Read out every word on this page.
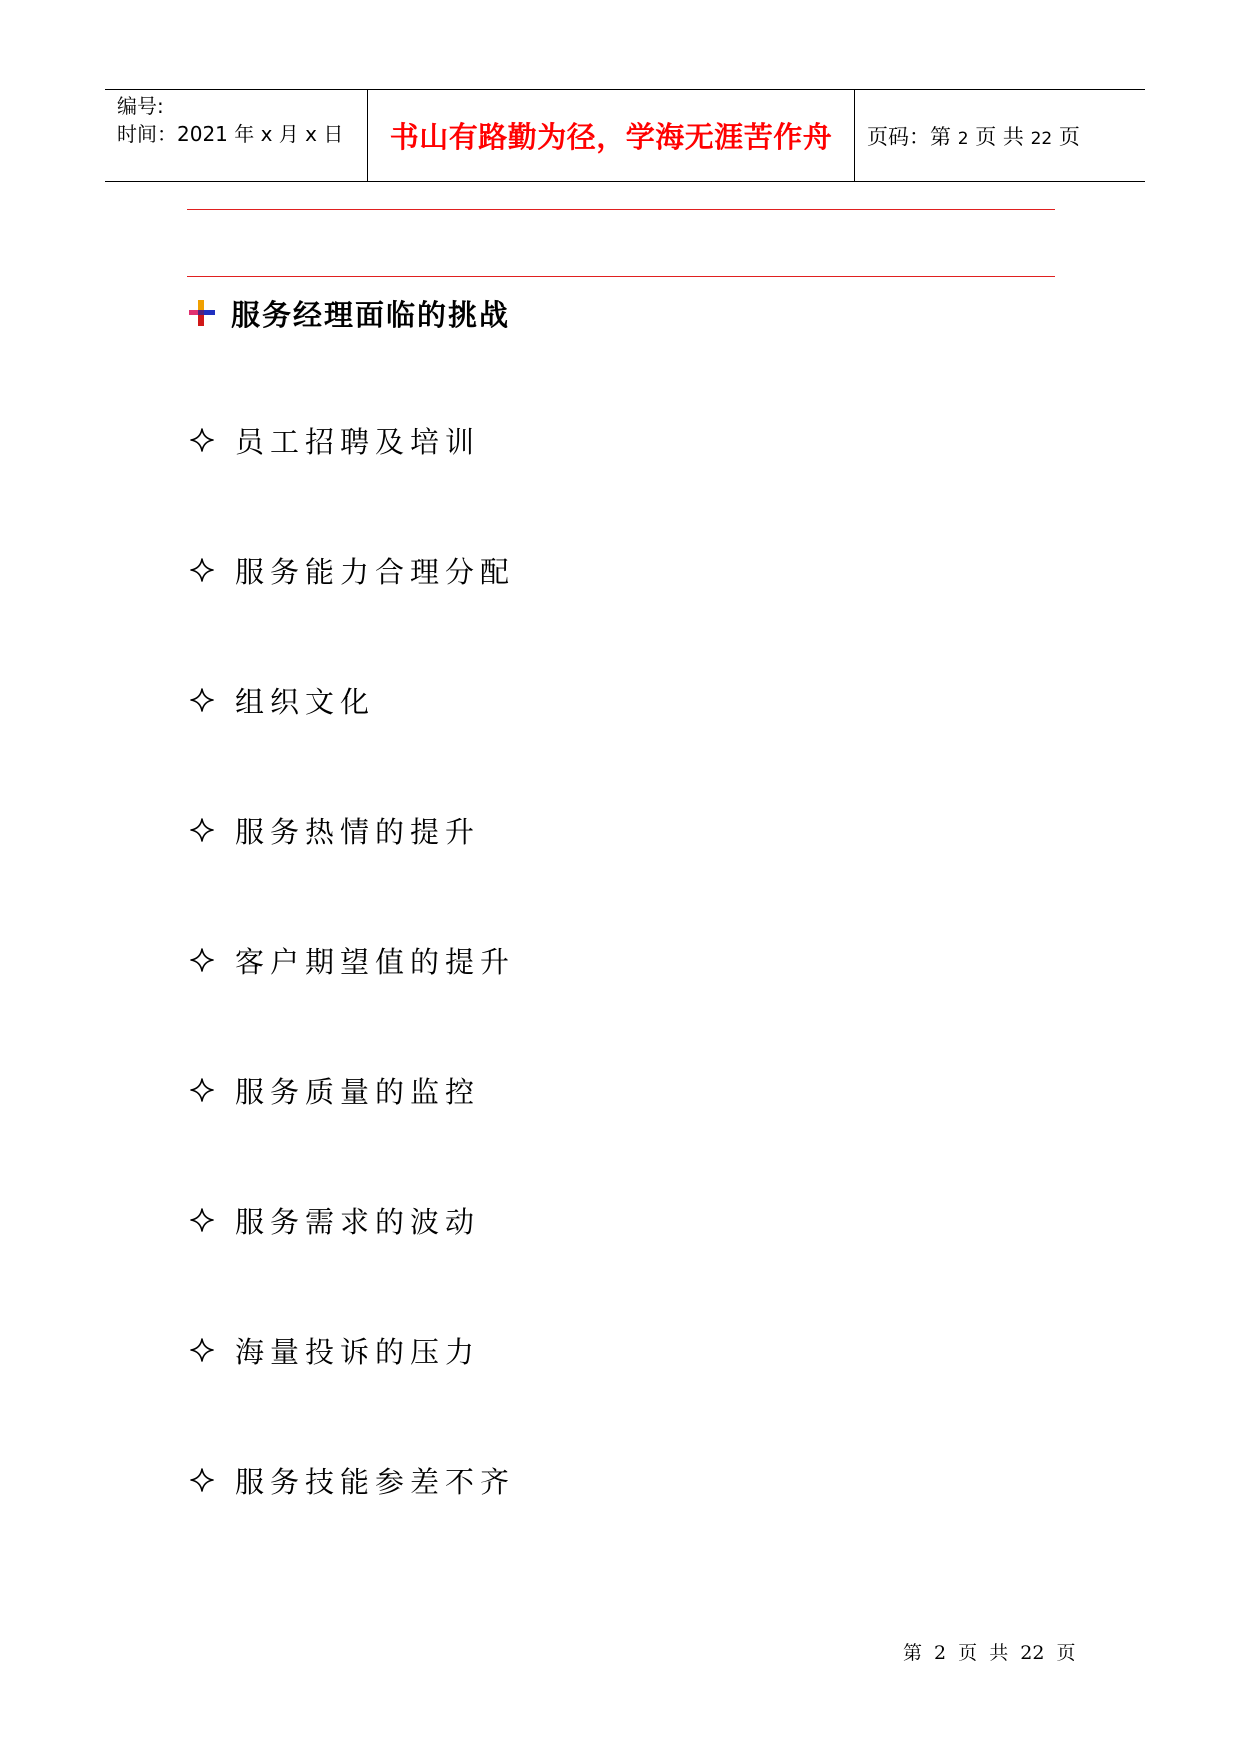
编号:
时间：2021 年 x 月 x 日 书山有路勤为径，学海无涯苦作舟 页码：第 2 页 共 22 页
服务经理面临的挑战
员工招聘及培训
服务能力合理分配
组织文化
服务热情的提升
客户期望值的提升
服务质量的监控
服务需求的波动
海量投诉的压力
服务技能参差不齐
第 2 页 共 22 页
